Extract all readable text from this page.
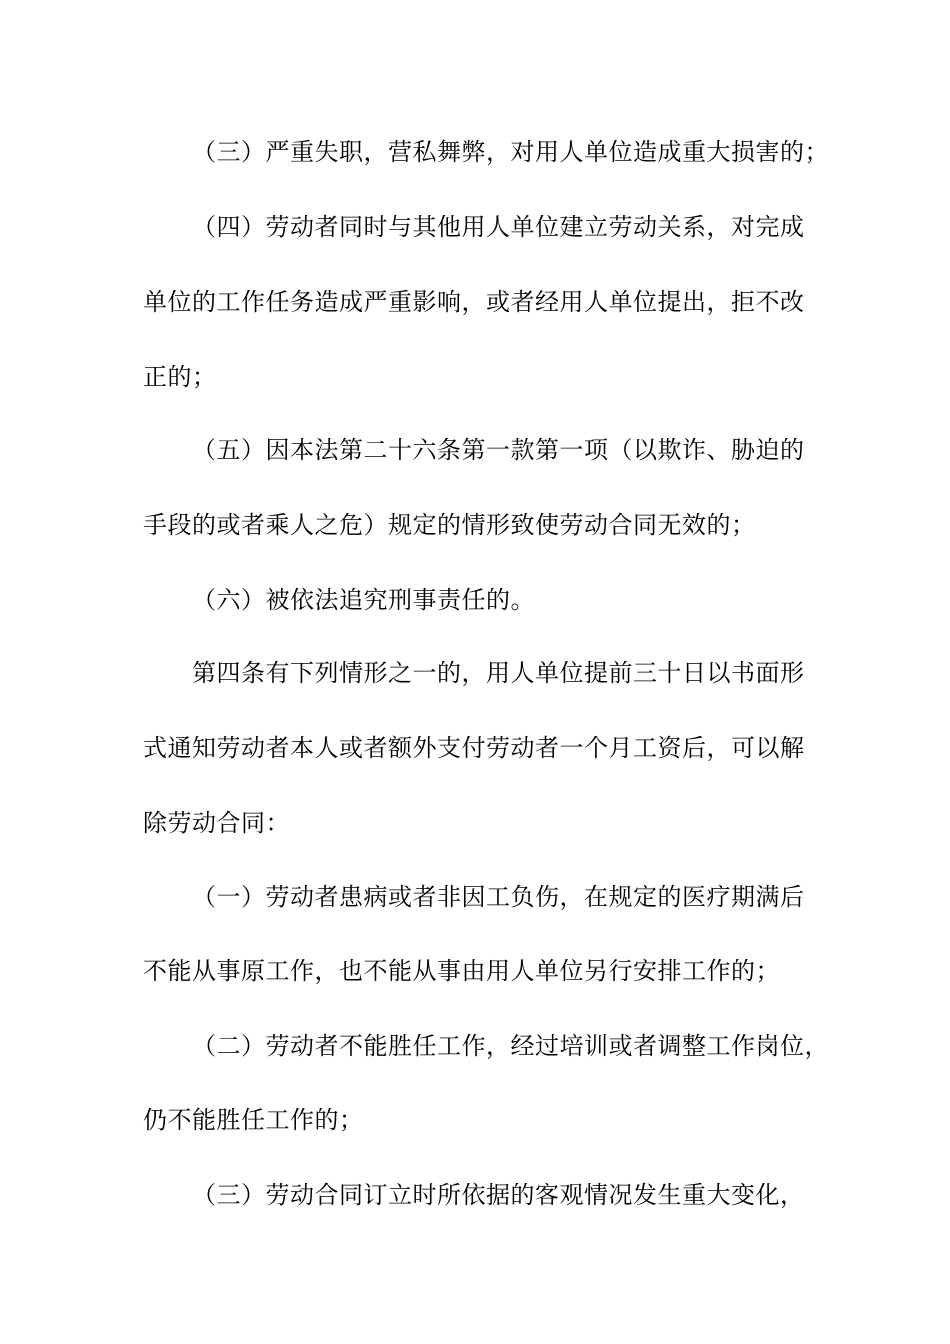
（三）严重失职，营私舞弊，对用人单位造成重大损害的；
（四）劳动者同时与其他用人单位建立劳动关系，对完成
单位的工作任务造成严重影响，或者经用人单位提出，拒不改
正的；
（五）因本法第二十六条第一款第一项（以欺诈、胁迫的
手段的或者乘人之危）规定的情形致使劳动合同无效的；
（六）被依法追究刑事责任的。
第四条有下列情形之一的，用人单位提前三十日以书面形
式通知劳动者本人或者额外支付劳动者一个月工资后，可以解
除劳动合同：
（一）劳动者患病或者非因工负伤，在规定的医疗期满后
不能从事原工作，也不能从事由用人单位另行安排工作的；
（二）劳动者不能胜任工作，经过培训或者调整工作岗位，
仍不能胜任工作的；
（三）劳动合同订立时所依据的客观情况发生重大变化，
